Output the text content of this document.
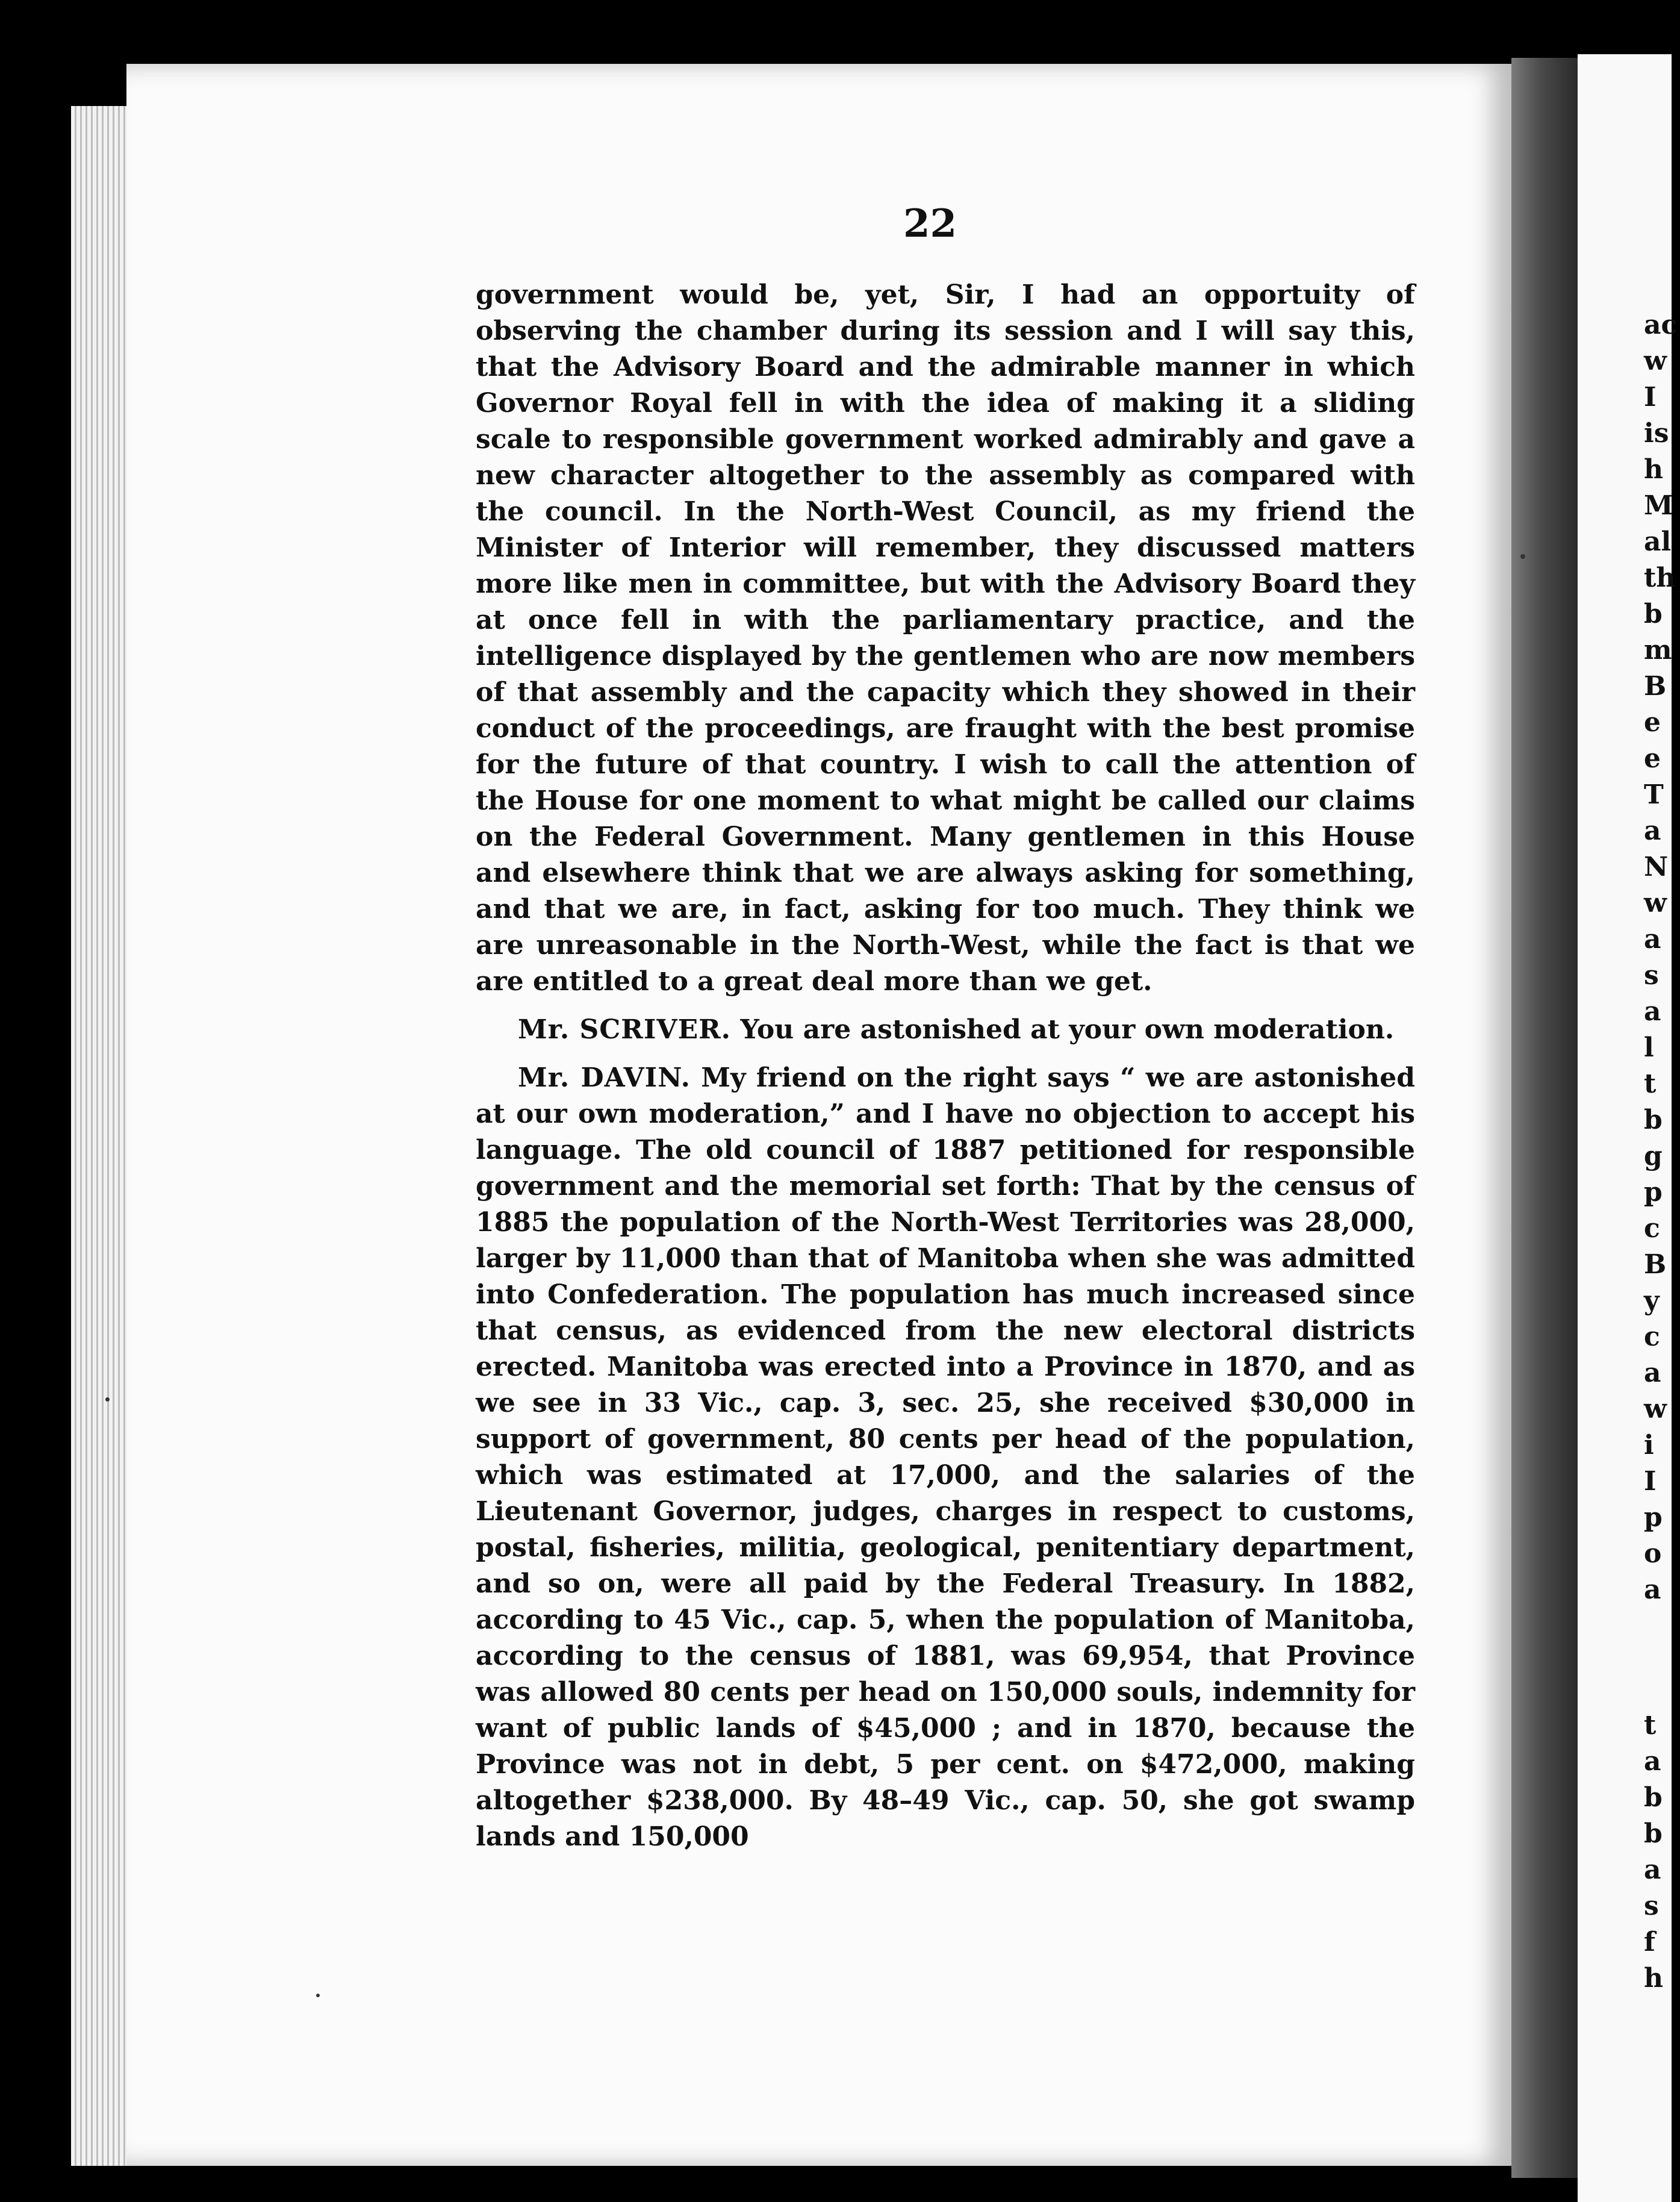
ac
w
I
is
h
M
al
th
b
m
B
e
e
T
a
N
w
a
s
a
l
t
b
g
p
c
B
y
c
a
w
i
I
p
o
a
t
a
b
b
a
s
f
h
22

government would be, yet, Sir, I had an opportuity of observing the chamber during its session and I will say this, that the Advisory Board and the admirable manner in which Governor Royal fell in with the idea of making it a sliding scale to responsible government worked admirably and gave a new character altogether to the assembly as compared with the council. In the North-West Council, as my friend the Minister of Interior will remember, they discussed matters more like men in committee, but with the Advisory Board they at once fell in with the parliamentary practice, and the intelligence displayed by the gentlemen who are now members of that assembly and the capacity which they showed in their conduct of the proceedings, are fraught with the best promise for the future of that country. I wish to call the attention of the House for one moment to what might be called our claims on the Federal Government. Many gentlemen in this House and elsewhere think that we are always asking for something, and that we are, in fact, asking for too much. They think we are unreasonable in the North-West, while the fact is that we are entitled to a great deal more than we get.

Mr. SCRIVER. You are astonished at your own moderation.

Mr. DAVIN. My friend on the right says “ we are astonished at our own moderation,” and I have no objection to accept his language. The old council of 1887 petitioned for responsible government and the memorial set forth: That by the census of 1885 the population of the North-West Territories was 28,000, larger by 11,000 than that of Manitoba when she was admitted into Confederation. The population has much increased since that census, as evidenced from the new electoral districts erected. Manitoba was erected into a Province in 1870, and as we see in 33 Vic., cap. 3, sec. 25, she received $30,000 in support of government, 80 cents per head of the population, which was estimated at 17,000, and the salaries of the Lieutenant Governor, judges, charges in respect to customs, postal, fisheries, militia, geological, penitentiary department, and so on, were all paid by the Federal Treasury. In 1882, according to 45 Vic., cap. 5, when the population of Manitoba, according to the census of 1881, was 69,954, that Province was allowed 80 cents per head on 150,000 souls, indemnity for want of public lands of $45,000 ; and in 1870, because the Province was not in debt, 5 per cent. on $472,000, making altogether $238,000. By 48–49 Vic., cap. 50, she got swamp lands and 150,000
